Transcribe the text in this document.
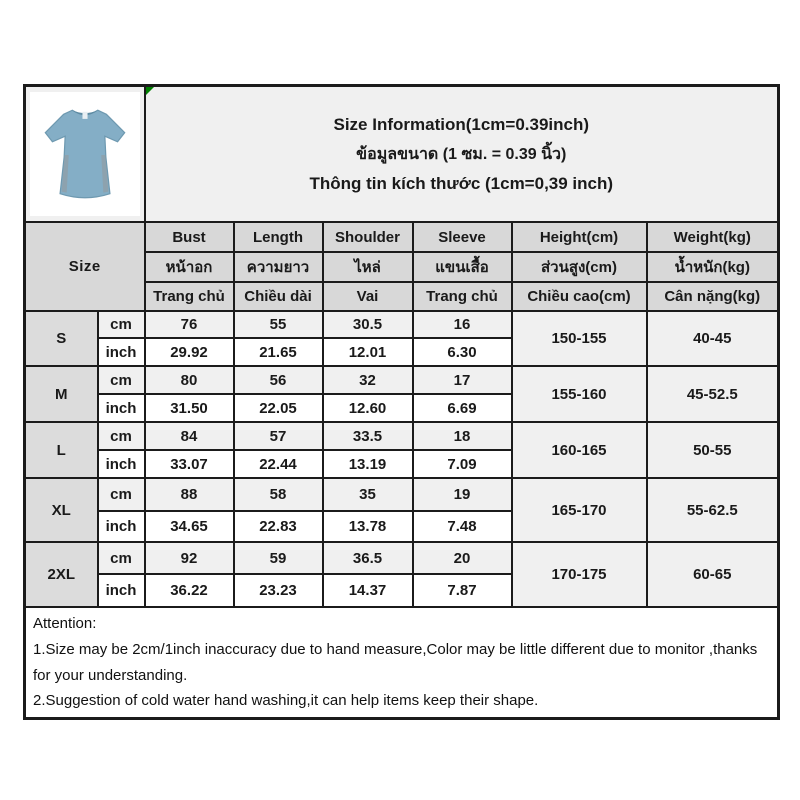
Size Information(1cm=0.39inch)
ข้อมูลขนาด (1 ซม. = 0.39 นิ้ว)
Thông tin kích thước (1cm=0,39 inch)					

Size		Bust	Length	Shoulder	Sleeve	Height(cm)	Weight(kg)
		หน้าอก	ความยาว	ไหล่	แขนเสื้อ	ส่วนสูง(cm)	น้ำหนัก(kg)
		Trang chủ	Chiều dài	Vai	Trang chủ	Chiều cao(cm)	Cân nặng(kg)
S	cm	76	55	30.5	16	150-155	40-45
	inch	29.92	21.65	12.01	6.30		
M	cm	80	56	32	17	155-160	45-52.5
	inch	31.50	22.05	12.60	6.69		
L	cm	84	57	33.5	18	160-165	50-55
	inch	33.07	22.44	13.19	7.09		
XL	cm	88	58	35	19	165-170	55-62.5
	inch	34.65	22.83	13.78	7.48		
2XL	cm	92	59	36.5	20	170-175	60-65
	inch	36.22	23.23	14.37	7.87		

Attention:
1.Size may be 2cm/1inch inaccuracy due to hand measure,Color may be little different due to monitor ,thanks for your understanding.
2.Suggestion of cold water hand washing,it can help items keep their shape.							
